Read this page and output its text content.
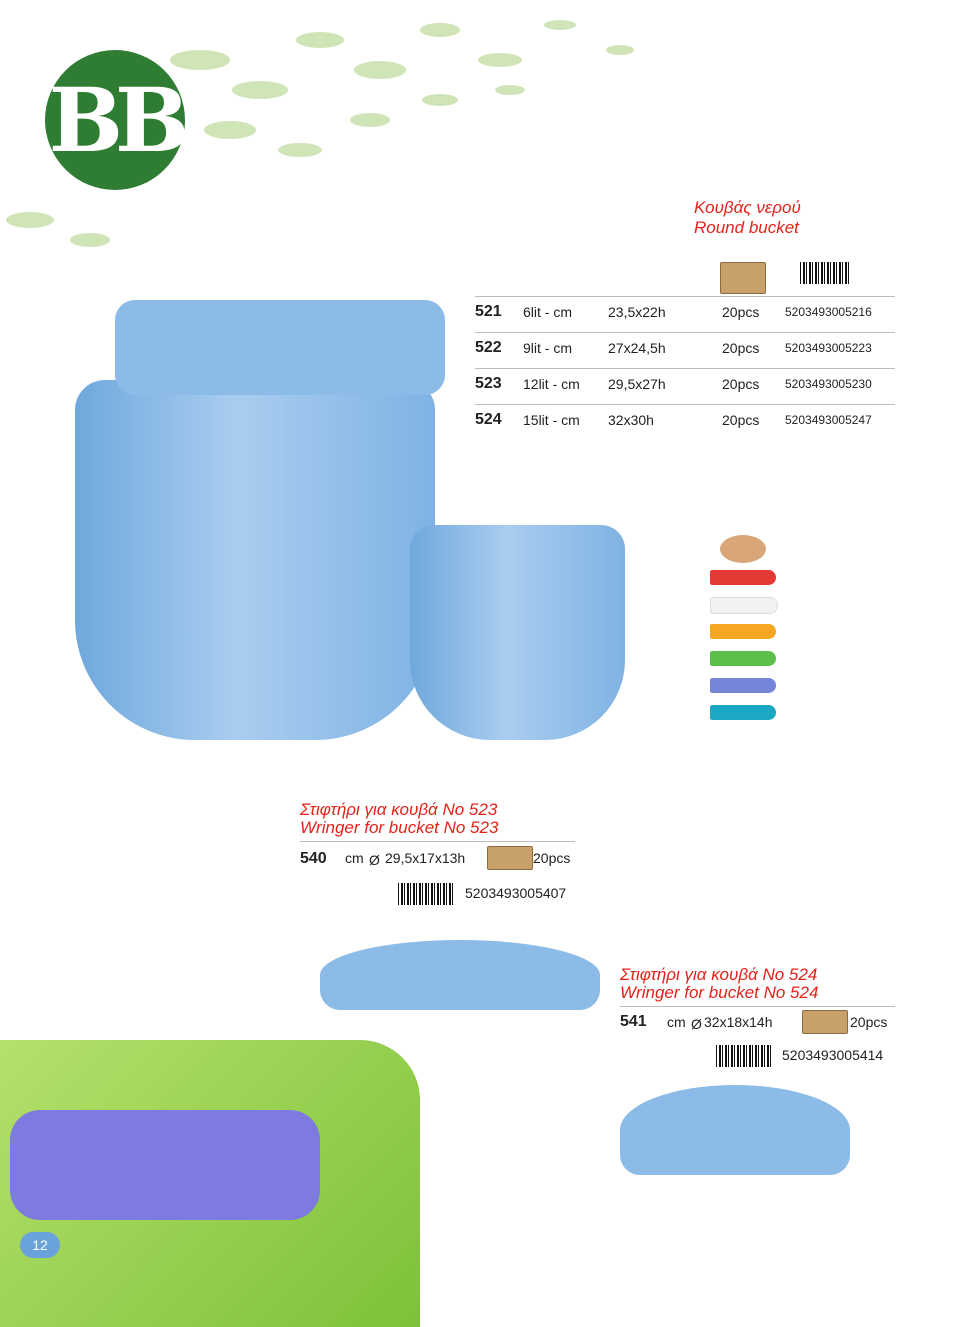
ΒΒ
Κουβάς νερού
Round bucket
521 6lit - cm	23,5x22h	20pcs 5203493005216
522 9lit - cm	27x24,5h	20pcs 5203493005223
523 12lit - cm 29,5x27h	20pcs 5203493005230
524 15lit - cm 32x30h	20pcs 5203493005247
Στιφτήρι για κουβά Νο 523
Wringer for bucket No 523
540 cm Ø 29,5x17x13h	20pcs
5203493005407
Στιφτήρι για κουβά Νο 524
Wringer for bucket No 524
541 cm Ø 32x18x14h	20pcs
5203493005414
12
